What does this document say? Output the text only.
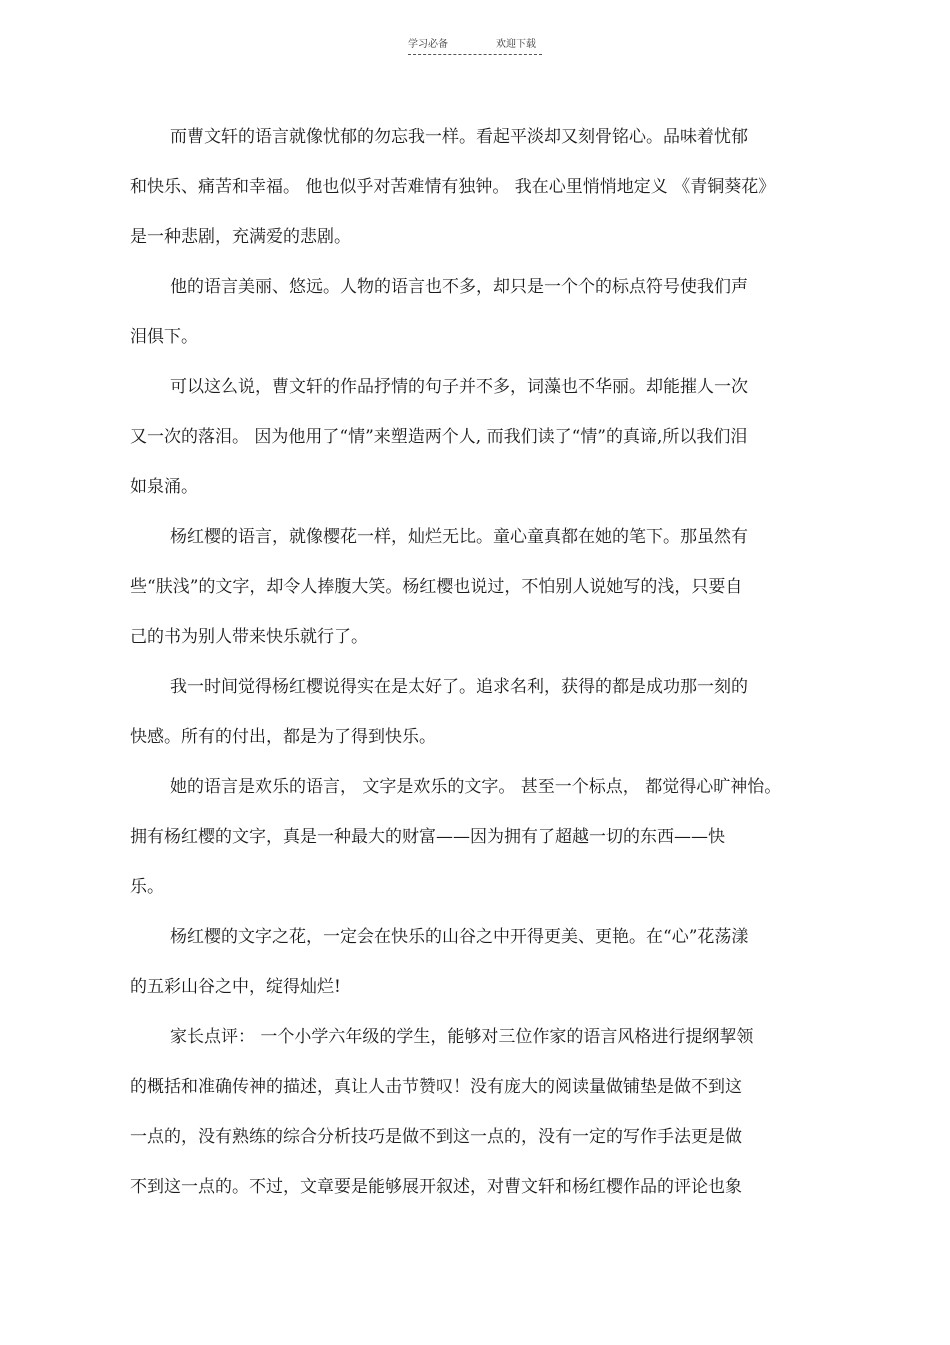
学习必备	欢迎下载
而曹文轩的语言就像忧郁的勿忘我一样。看起平淡却又刻骨铭心。品味着忧郁
和快乐、痛苦和幸福。 他也似乎对苦难情有独钟。 我在心里悄悄地定义 《青铜葵花》
是一种悲剧，充满爱的悲剧。
他的语言美丽、悠远。人物的语言也不多，却只是一个个的标点符号使我们声
泪俱下。
可以这么说，曹文轩的作品抒情的句子并不多，词藻也不华丽。却能摧人一次
又一次的落泪。 因为他用了“情”来塑造两个人, 而我们读了“情”的真谛,所以我们泪
如泉涌。
杨红樱的语言，就像樱花一样，灿烂无比。童心童真都在她的笔下。那虽然有
些“肤浅”的文字，却令人捧腹大笑。杨红樱也说过，不怕别人说她写的浅，只要自
己的书为别人带来快乐就行了。
我一时间觉得杨红樱说得实在是太好了。追求名利，获得的都是成功那一刻的
快感。所有的付出，都是为了得到快乐。
她的语言是欢乐的语言， 文字是欢乐的文字。 甚至一个标点， 都觉得心旷神怡。
拥有杨红樱的文字，真是一种最大的财富——因为拥有了超越一切的东西——快
乐。
杨红樱的文字之花，一定会在快乐的山谷之中开得更美、更艳。在“心”花荡漾
的五彩山谷之中，绽得灿烂!
家长点评： 一个小学六年级的学生，能够对三位作家的语言风格进行提纲挈领
的概括和准确传神的描述，真让人击节赞叹！没有庞大的阅读量做铺垫是做不到这
一点的，没有熟练的综合分析技巧是做不到这一点的，没有一定的写作手法更是做
不到这一点的。不过，文章要是能够展开叙述，对曹文轩和杨红樱作品的评论也象
